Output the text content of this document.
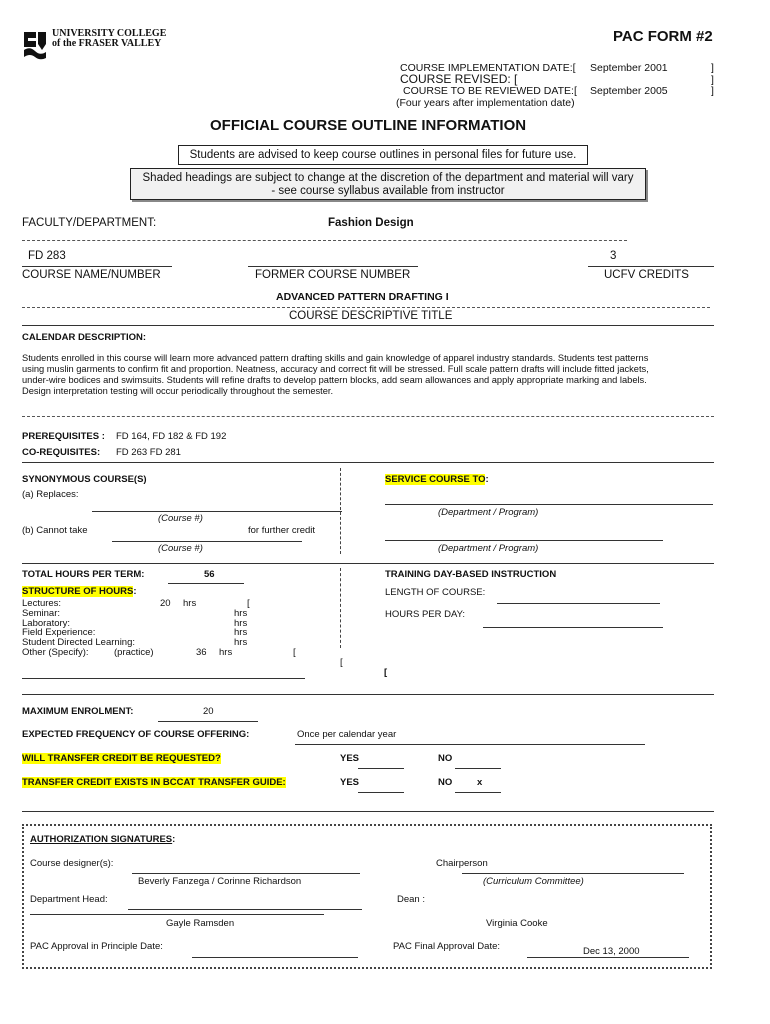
UNIVERSITY COLLEGE
of the FRASER VALLEY	PAC FORM #2
COURSE IMPLEMENTATION DATE:[ September 2001	]
COURSE REVISED: [	]
COURSE TO BE REVIEWED DATE:[ September 2005	]
(Four years after implementation date)
OFFICIAL COURSE OUTLINE INFORMATION
Students are advised to keep course outlines in personal files for future use.
Shaded headings are subject to change at the discretion of the department and material will vary
- see course syllabus available from instructor
FACULTY/DEPARTMENT:	Fashion Design
FD 283	3
COURSE NAME/NUMBER	FORMER COURSE NUMBER	UCFV CREDITS
ADVANCED PATTERN DRAFTING I
COURSE DESCRIPTIVE TITLE
CALENDAR DESCRIPTION:
Students enrolled in this course will learn more advanced pattern drafting skills and gain knowledge of apparel industry standards. Students test patterns
using muslin garments to confirm fit and proportion. Neatness, accuracy and correct fit will be stressed. Full scale pattern drafts will include fitted jackets,
under-wire bodices and swimsuits. Students will refine drafts to develop pattern blocks, add seam allowances and apply appropriate marking and labels.
Design interpretation testing will occur periodically throughout the semester.
PREREQUISITES : FD 164, FD 182 & FD 192
CO-REQUISITES: FD 263 FD 281
SYNONYMOUS COURSE(S)
(a) Replaces:
(Course #)
(b) Cannot take	for further credit
(Course #)
SERVICE COURSE TO:
(Department / Program)
(Department / Program)
TOTAL HOURS PER TERM:	56
STRUCTURE OF HOURS:
Lectures:	20 hrs	[
Seminar:	hrs
Laboratory:	hrs
Field Experience:	hrs
Student Directed Learning:	hrs
Other (Specify):	(practice)	36 hrs	[
[
TRAINING DAY-BASED INSTRUCTION
LENGTH OF COURSE:
HOURS PER DAY:
[
MAXIMUM ENROLMENT:	20
EXPECTED FREQUENCY OF COURSE OFFERING:	Once per calendar year
WILL TRANSFER CREDIT BE REQUESTED?	YES	NO
TRANSFER CREDIT EXISTS IN BCCAT TRANSFER GUIDE:	YES	NO	x
AUTHORIZATION SIGNATURES:
Course designer(s):
Beverly Fanzega / Corinne Richardson
Chairperson
(Curriculum Committee)
Department Head:
Gayle Ramsden
Dean :
Virginia Cooke
PAC Approval in Principle Date:	PAC Final Approval Date:	Dec 13, 2000
